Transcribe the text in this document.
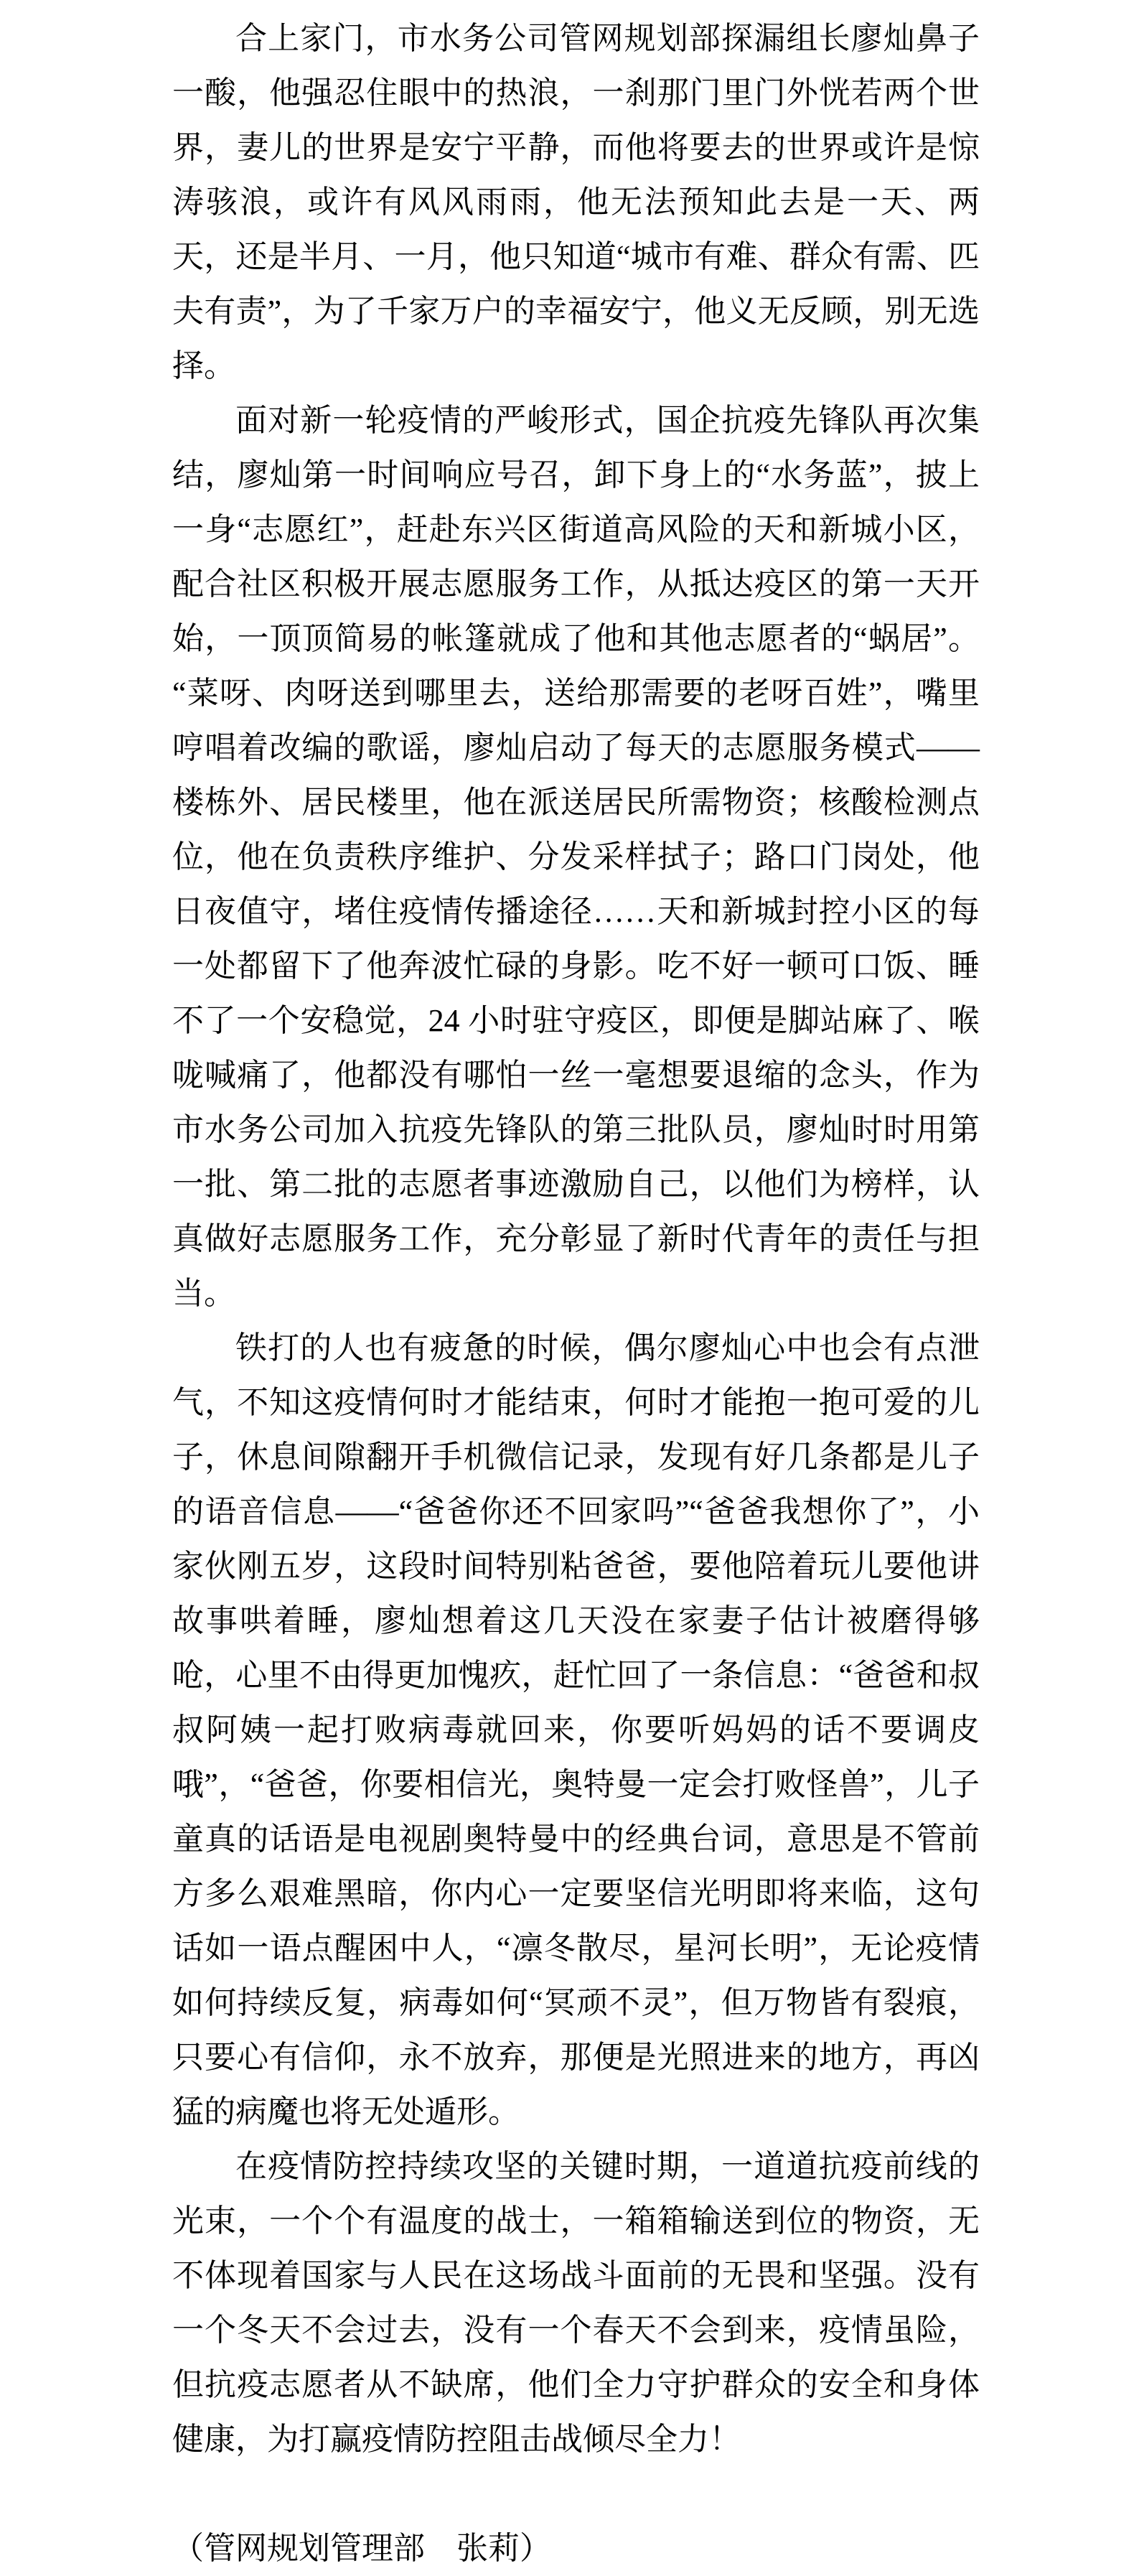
合上家门，市水务公司管网规划部探漏组长廖灿鼻子一酸，他强忍住眼中的热浪，一刹那门里门外恍若两个世界，妻儿的世界是安宁平静，而他将要去的世界或许是惊涛骇浪，或许有风风雨雨，他无法预知此去是一天、两天，还是半月、一月，他只知道“城市有难、群众有需、匹夫有责”，为了千家万户的幸福安宁，他义无反顾，别无选择。

面对新一轮疫情的严峻形式，国企抗疫先锋队再次集结，廖灿第一时间响应号召，卸下身上的“水务蓝”，披上一身“志愿红”，赶赴东兴区街道高风险的天和新城小区，配合社区积极开展志愿服务工作，从抵达疫区的第一天开始，一顶顶简易的帐篷就成了他和其他志愿者的“蜗居”。“菜呀、肉呀送到哪里去，送给那需要的老呀百姓”，嘴里哼唱着改编的歌谣，廖灿启动了每天的志愿服务模式——楼栋外、居民楼里，他在派送居民所需物资；核酸检测点位，他在负责秩序维护、分发采样拭子；路口门岗处，他日夜值守，堵住疫情传播途径……天和新城封控小区的每一处都留下了他奔波忙碌的身影。吃不好一顿可口饭、睡不了一个安稳觉，24 小时驻守疫区，即便是脚站麻了、喉咙喊痛了，他都没有哪怕一丝一毫想要退缩的念头，作为市水务公司加入抗疫先锋队的第三批队员，廖灿时时用第一批、第二批的志愿者事迹激励自己，以他们为榜样，认真做好志愿服务工作，充分彰显了新时代青年的责任与担当。

铁打的人也有疲惫的时候，偶尔廖灿心中也会有点泄气，不知这疫情何时才能结束，何时才能抱一抱可爱的儿子，休息间隙翻开手机微信记录，发现有好几条都是儿子的语音信息——“爸爸你还不回家吗”“爸爸我想你了”，小家伙刚五岁，这段时间特别粘爸爸，要他陪着玩儿要他讲故事哄着睡，廖灿想着这几天没在家妻子估计被磨得够呛，心里不由得更加愧疚，赶忙回了一条信息：“爸爸和叔叔阿姨一起打败病毒就回来，你要听妈妈的话不要调皮哦”，“爸爸，你要相信光，奥特曼一定会打败怪兽”，儿子童真的话语是电视剧奥特曼中的经典台词，意思是不管前方多么艰难黑暗，你内心一定要坚信光明即将来临，这句话如一语点醒困中人，“凛冬散尽，星河长明”，无论疫情如何持续反复，病毒如何“冥顽不灵”，但万物皆有裂痕，只要心有信仰，永不放弃，那便是光照进来的地方，再凶猛的病魔也将无处遁形。

在疫情防控持续攻坚的关键时期，一道道抗疫前线的光束，一个个有温度的战士，一箱箱输送到位的物资，无不体现着国家与人民在这场战斗面前的无畏和坚强。没有一个冬天不会过去，没有一个春天不会到来，疫情虽险，但抗疫志愿者从不缺席，他们全力守护群众的安全和身体健康，为打赢疫情防控阻击战倾尽全力！

（管网规划管理部　张莉）
